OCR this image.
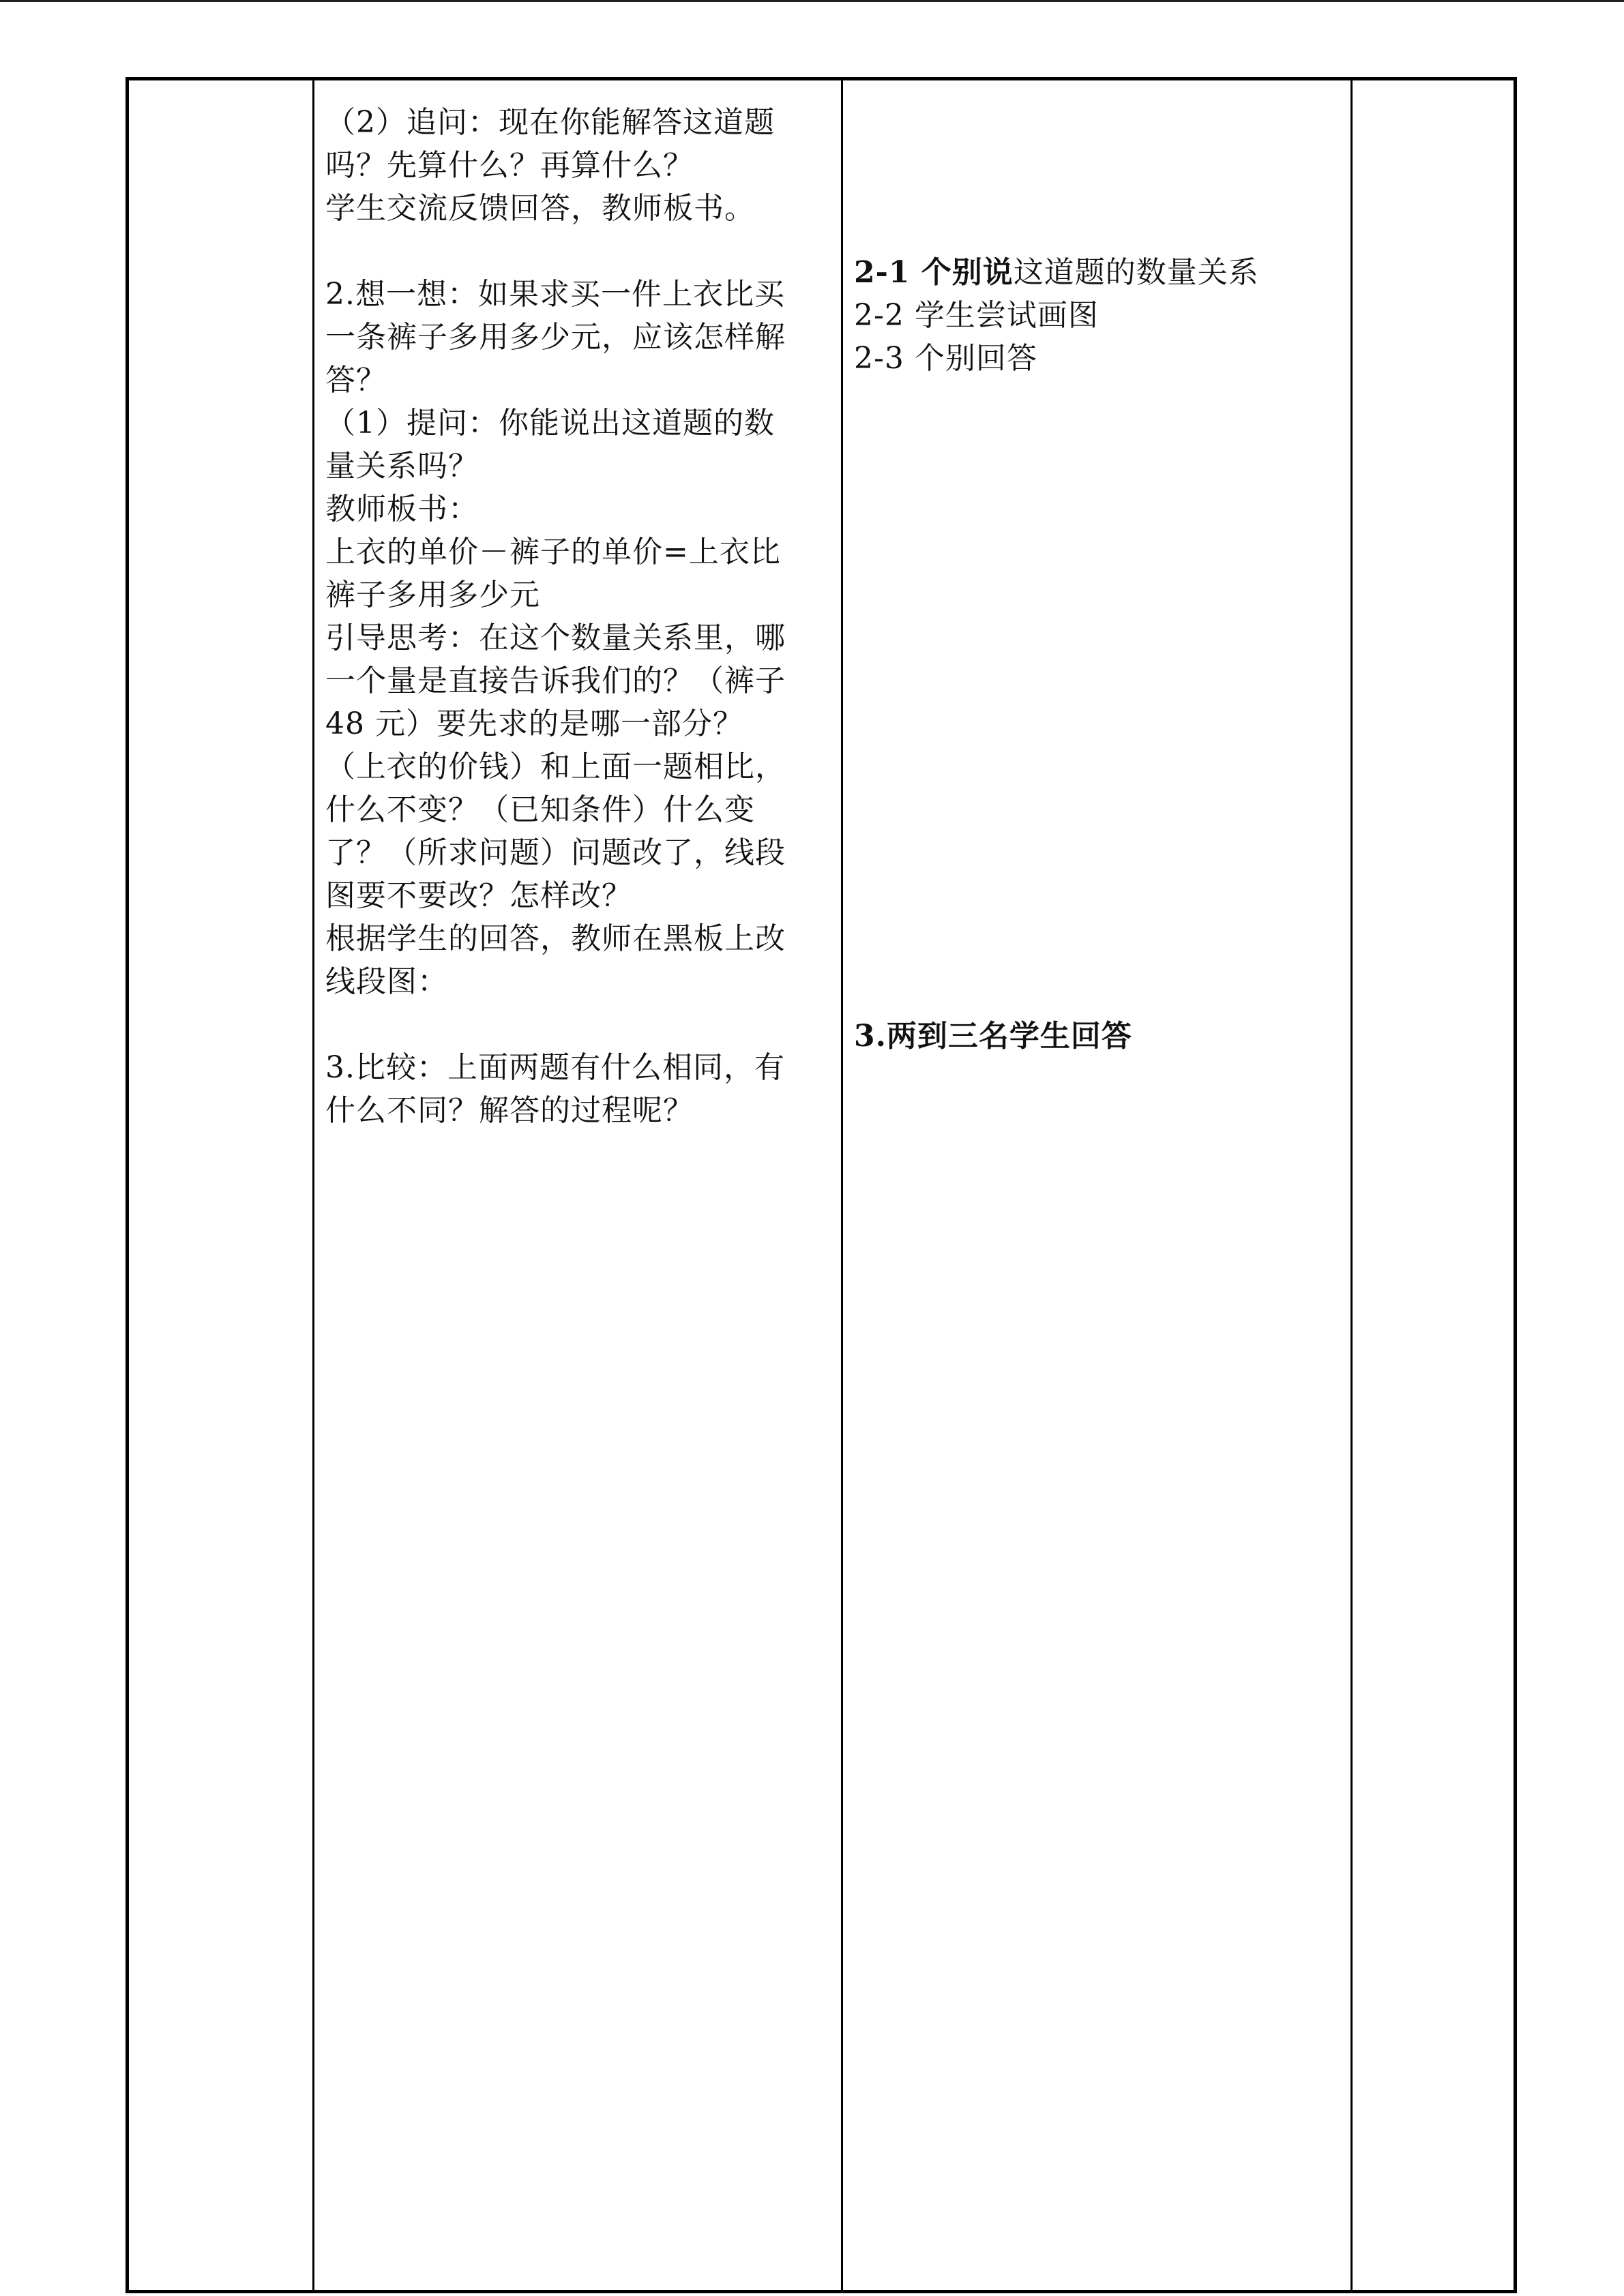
（2）追问：现在你能解答这道题
吗？先算什么？再算什么？
学生交流反馈回答，教师板书。
2.想一想：如果求买一件上衣比买
一条裤子多用多少元，应该怎样解
答？
（1）提问：你能说出这道题的数
量关系吗？
教师板书：
上衣的单价－裤子的单价=上衣比
裤子多用多少元
引导思考：在这个数量关系里，哪
一个量是直接告诉我们的？（裤子
48 元）要先求的是哪一部分？
（上衣的价钱）和上面一题相比，
什么不变？（已知条件）什么变
了？（所求问题）问题改了，线段
图要不要改？怎样改？
根据学生的回答，教师在黑板上改
线段图：
3.比较：上面两题有什么相同，有
什么不同？解答的过程呢？
2-1 个别说这道题的数量关系
2-2 学生尝试画图
2-3 个别回答
3.两到三名学生回答
